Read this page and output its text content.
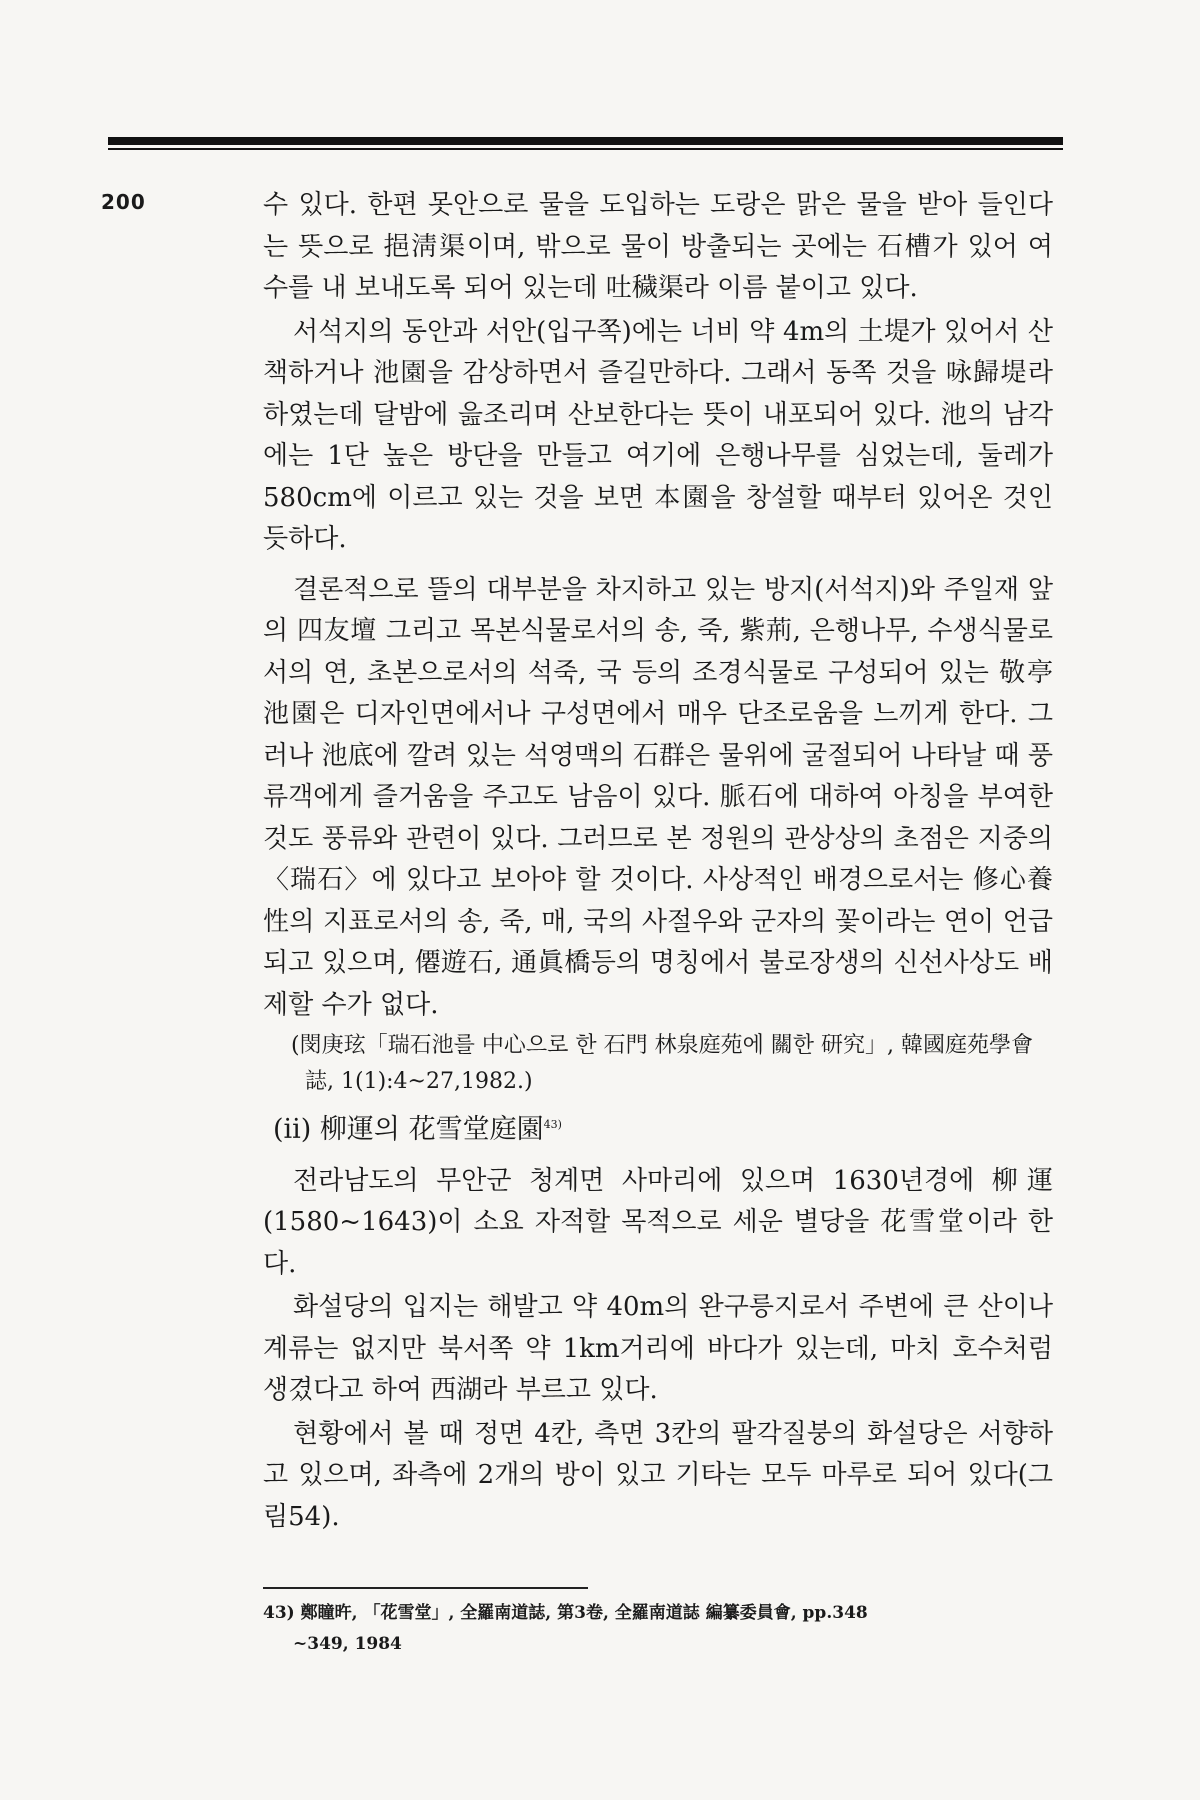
200	수 있다. 한편 못안으로 물을 도입하는 도랑은 맑은 물을 받아 들인다는 뜻으로 挹淸渠이며, 밖으로 물이 방출되는 곳에는 石槽가 있어 여수를 내 보내도록 되어 있는데 吐穢渠라 이름 붙이고 있다.

서석지의 동안과 서안(입구쪽)에는 너비 약 4m의 土堤가 있어서 산책하거나 池園을 감상하면서 즐길만하다. 그래서 동쪽 것을 咏歸堤라 하였는데 달밤에 읊조리며 산보한다는 뜻이 내포되어 있다. 池의 남각에는 1단 높은 방단을 만들고 여기에 은행나무를 심었는데, 둘레가 580cm에 이르고 있는 것을 보면 本園을 창설할 때부터 있어온 것인 듯하다.

결론적으로 뜰의 대부분을 차지하고 있는 방지(서석지)와 주일재 앞의 四友壇 그리고 목본식물로서의 송, 죽, 紫荊, 은행나무, 수생식물로서의 연, 초본으로서의 석죽, 국 등의 조경식물로 구성되어 있는 敬亭池園은 디자인면에서나 구성면에서 매우 단조로움을 느끼게 한다. 그러나 池底에 깔려 있는 석영맥의 石群은 물위에 굴절되어 나타날 때 풍류객에게 즐거움을 주고도 남음이 있다. 脈石에 대하여 아칭을 부여한 것도 풍류와 관련이 있다. 그러므로 본 정원의 관상상의 초점은 지중의 〈瑞石〉에 있다고 보아야 할 것이다. 사상적인 배경으로서는 修心養性의 지표로서의 송, 죽, 매, 국의 사절우와 군자의 꽃이라는 연이 언급되고 있으며, 僊遊石, 通眞橋등의 명칭에서 불로장생의 신선사상도 배제할 수가 없다.

(閔庚玹「瑞石池를 中心으로 한 石門 林泉庭苑에 關한 研究」, 韓國庭苑學會誌, 1(1):4~27,1982.)

(ii) 柳運의 花雪堂庭園$^{43)}$

전라남도의 무안군 청계면 사마리에 있으며 1630년경에 柳運(1580~1643)이 소요 자적할 목적으로 세운 별당을 花雪堂이라 한다.

화설당의 입지는 해발고 약 40m의 완구릉지로서 주변에 큰 산이나 계류는 없지만 북서쪽 약 1km거리에 바다가 있는데, 마치 호수처럼 생겼다고 하여 西湖라 부르고 있다.

현황에서 볼 때 정면 4칸, 측면 3칸의 팔각질붕의 화설당은 서향하고 있으며, 좌측에 2개의 방이 있고 기타는 모두 마루로 되어 있다(그림54).

43) 鄭瞳旿, 「花雪堂」, 全羅南道誌, 第3卷, 全羅南道誌 編纂委員會, pp.348
~349, 1984
